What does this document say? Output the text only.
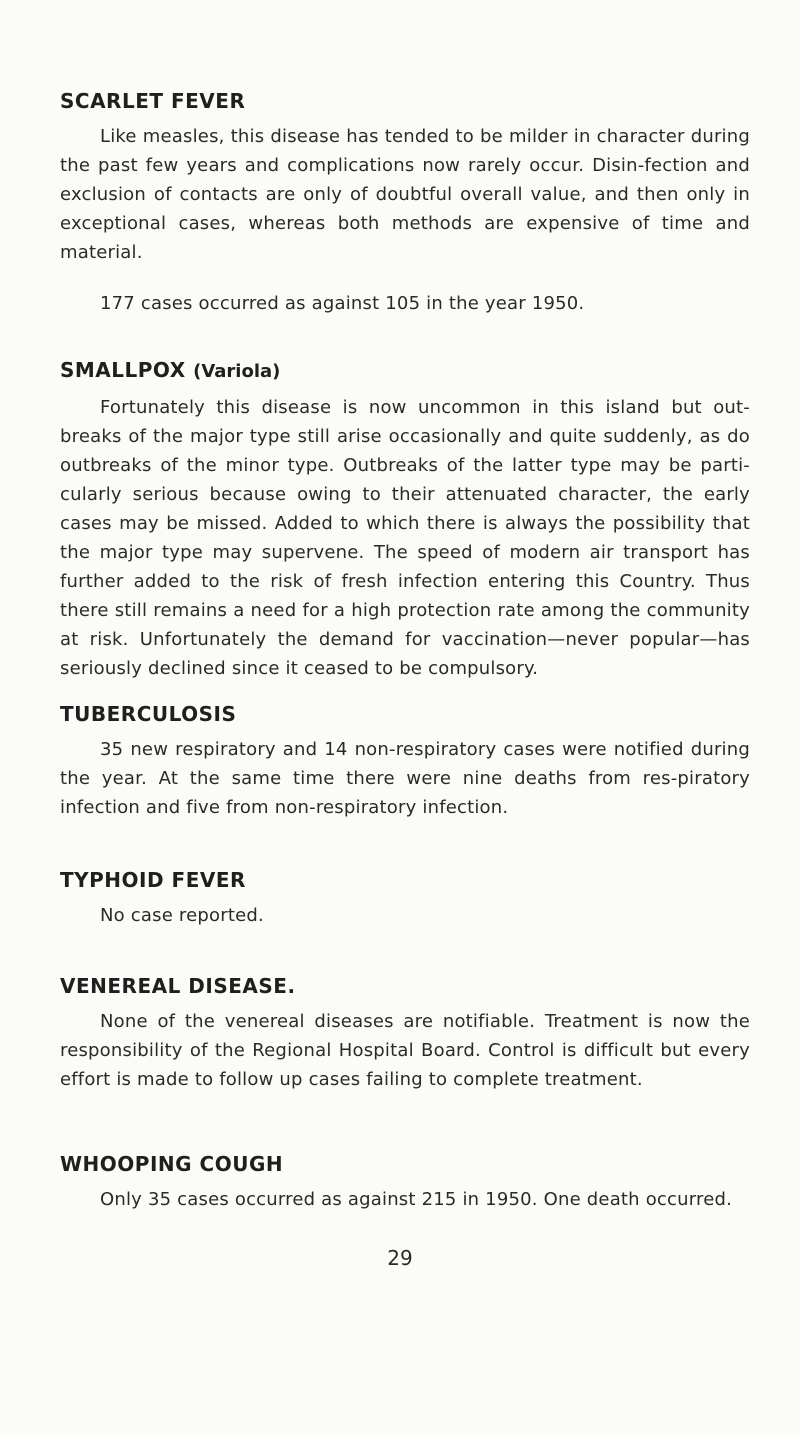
SCARLET FEVER

Like measles, this disease has tended to be milder in character during the past few years and complications now rarely occur. Disin-fection and exclusion of contacts are only of doubtful overall value, and then only in exceptional cases, whereas both methods are expensive of time and material.

177 cases occurred as against 105 in the year 1950.

SMALLPOX (Variola)

Fortunately this disease is now uncommon in this island but out-breaks of the major type still arise occasionally and quite suddenly, as do outbreaks of the minor type. Outbreaks of the latter type may be parti-cularly serious because owing to their attenuated character, the early cases may be missed. Added to which there is always the possibility that the major type may supervene. The speed of modern air transport has further added to the risk of fresh infection entering this Country. Thus there still remains a need for a high protection rate among the community at risk. Unfortunately the demand for vaccination—never popular—has seriously declined since it ceased to be compulsory.

TUBERCULOSIS

35 new respiratory and 14 non-respiratory cases were notified during the year. At the same time there were nine deaths from res-piratory infection and five from non-respiratory infection.

TYPHOID FEVER

No case reported.

VENEREAL DISEASE.

None of the venereal diseases are notifiable. Treatment is now the responsibility of the Regional Hospital Board. Control is difficult but every effort is made to follow up cases failing to complete treatment.

WHOOPING COUGH

Only 35 cases occurred as against 215 in 1950. One death occurred.

29
